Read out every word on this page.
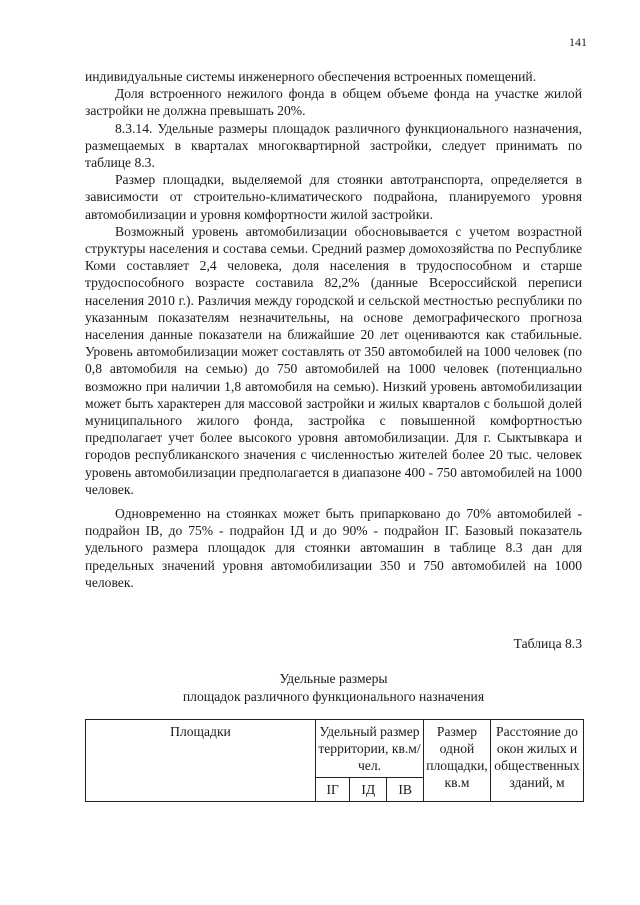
141

индивидуальные системы инженерного обеспечения встроенных помещений.

Доля встроенного нежилого фонда в общем объеме фонда на участке жилой застройки не должна превышать 20%.

8.3.14. Удельные размеры площадок различного функционального назначения, размещаемых в кварталах многоквартирной застройки, следует принимать по таблице 8.3.

Размер площадки, выделяемой для стоянки автотранспорта, определяется в зависимости от строительно-климатического подрайона, планируемого уровня автомобилизации и уровня комфортности жилой застройки.

Возможный уровень автомобилизации обосновывается с учетом возрастной структуры населения и состава семьи. Средний размер домохозяйства по Республике Коми составляет 2,4 человека, доля населения в трудоспособном и старше трудоспособного возрасте составила 82,2% (данные Всероссийской переписи населения 2010 г.). Различия между городской и сельской местностью республики по указанным показателям незначительны, на основе демографического прогноза населения данные показатели на ближайшие 20 лет оцениваются как стабильные. Уровень автомобилизации может составлять от 350 автомобилей на 1000 человек (по 0,8 автомобиля на семью) до 750 автомобилей на 1000 человек (потенциально возможно при наличии 1,8 автомобиля на семью). Низкий уровень автомобилизации может быть характерен для массовой застройки и жилых кварталов с большой долей муниципального жилого фонда, застройка с повышенной комфортностью предполагает учет более высокого уровня автомобилизации. Для г. Сыктывкара и городов республиканского значения с численностью жителей более 20 тыс. человек уровень автомобилизации предполагается в диапазоне 400 - 750 автомобилей на 1000 человек.

Одновременно на стоянках может быть припарковано до 70% автомобилей - подрайон IВ, до 75% - подрайон IД и до 90% - подрайон IГ. Базовый показатель удельного размера площадок для стоянки автомашин в таблице 8.3 дан для предельных значений уровня автомобилизации 350 и 750 автомобилей на 1000 человек.

Таблица 8.3
Удельные размеры
площадок различного функционального назначения
Площадки	Удельный размер территории, кв.м/чел.			Размер одной площадки, кв.м	Расстояние до окон жилых и общественных зданий, м
	IГ	IД	IВ		
